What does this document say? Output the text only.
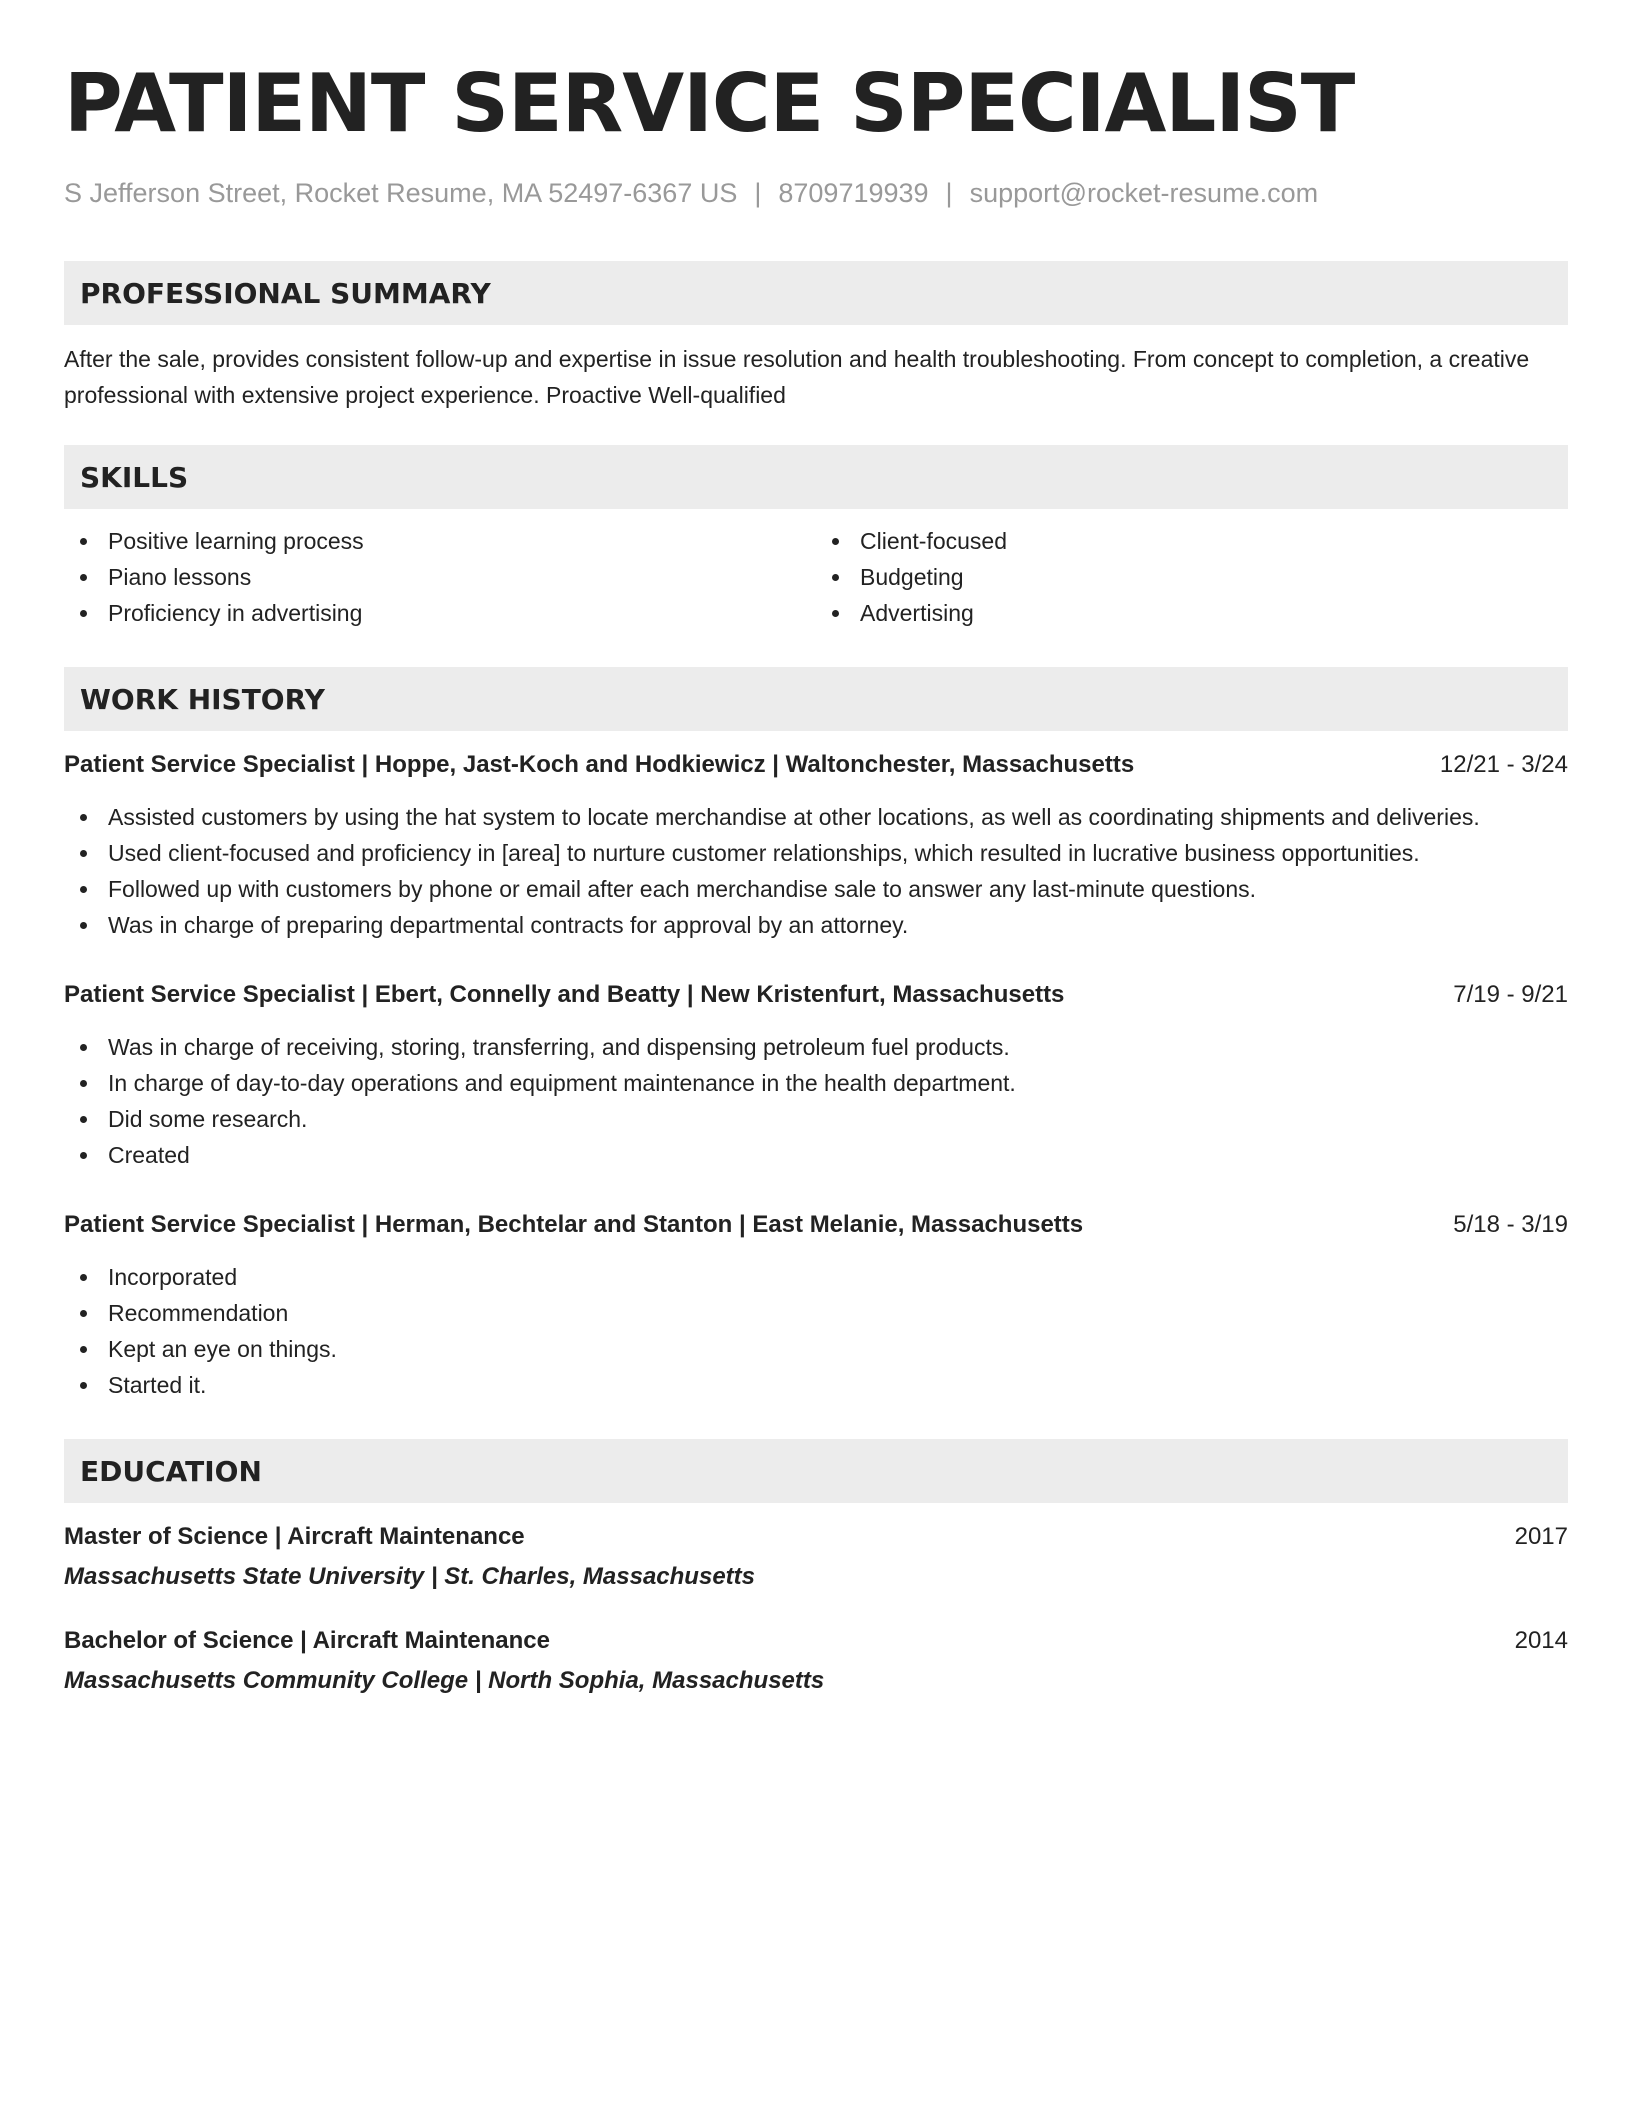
PATIENT SERVICE SPECIALIST
S Jefferson Street, Rocket Resume, MA 52497-6367 US | 8709719939 | support@rocket-resume.com
PROFESSIONAL SUMMARY

After the sale, provides consistent follow-up and expertise in issue resolution and health troubleshooting. From concept to completion, a creative professional with extensive project experience. Proactive Well-qualified

SKILLS
Positive learning process
Piano lessons
Proficiency in advertising
Client-focused
Budgeting
Advertising
WORK HISTORY
Patient Service Specialist | Hoppe, Jast-Koch and Hodkiewicz | Waltonchester, Massachusetts	12/21 - 3/24
Assisted customers by using the hat system to locate merchandise at other locations, as well as coordinating shipments and deliveries.
Used client-focused and proficiency in [area] to nurture customer relationships, which resulted in lucrative business opportunities.
Followed up with customers by phone or email after each merchandise sale to answer any last-minute questions.
Was in charge of preparing departmental contracts for approval by an attorney.
Patient Service Specialist | Ebert, Connelly and Beatty | New Kristenfurt, Massachusetts	7/19 - 9/21
Was in charge of receiving, storing, transferring, and dispensing petroleum fuel products.
In charge of day-to-day operations and equipment maintenance in the health department.
Did some research.
Created
Patient Service Specialist | Herman, Bechtelar and Stanton | East Melanie, Massachusetts	5/18 - 3/19
Incorporated
Recommendation
Kept an eye on things.
Started it.
EDUCATION
Master of Science | Aircraft Maintenance	2017
Massachusetts State University | St. Charles, Massachusetts
Bachelor of Science | Aircraft Maintenance	2014
Massachusetts Community College | North Sophia, Massachusetts
